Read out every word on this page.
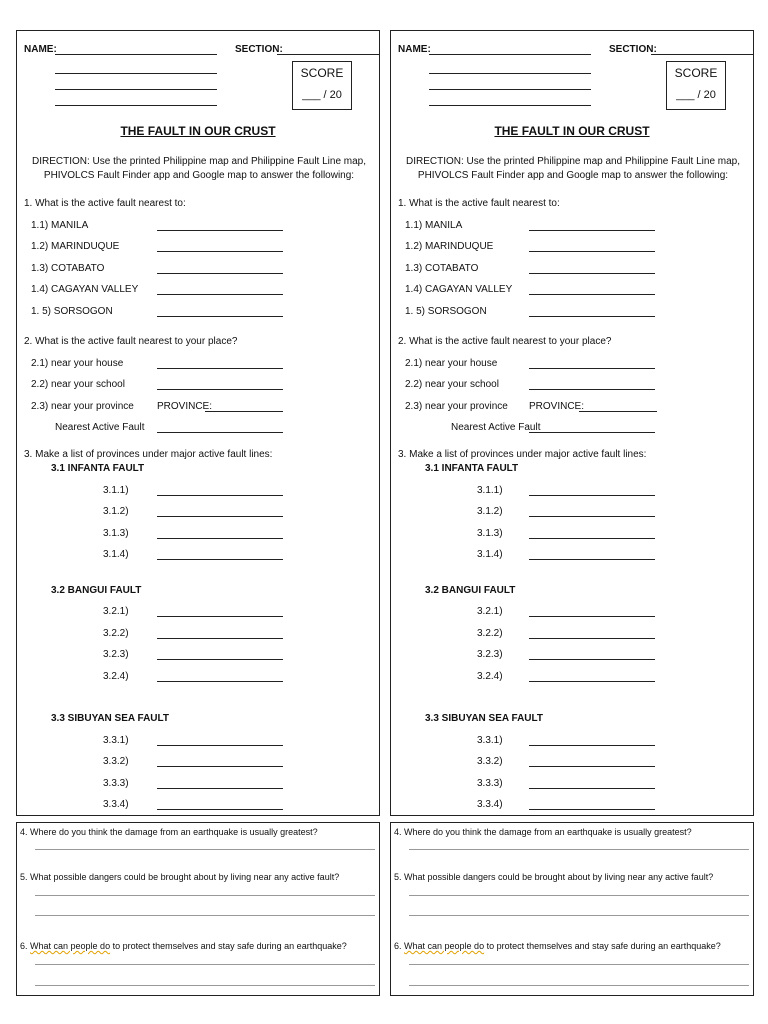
NAME:	SECTION:
SCORE
___ / 20
THE FAULT IN OUR CRUST
DIRECTION: Use the printed Philippine map and Philippine Fault Line map, PHIVOLCS Fault Finder app and Google map to answer the following:
1. What is the active fault nearest to:
1.1) MANILA
1.2) MARINDUQUE
1.3) COTABATO
1.4) CAGAYAN VALLEY
1. 5) SORSOGON
2. What is the active fault nearest to your place?
2.1) near your house
2.2) near your school
2.3) near your province PROVINCE:
Nearest Active Fault
3. Make a list of provinces under major active fault lines:
3.1 INFANTA FAULT
3.1.1)
3.1.2)
3.1.3)
3.1.4)
3.2 BANGUI FAULT
3.2.1)
3.2.2)
3.2.3)
3.2.4)
3.3 SIBUYAN SEA FAULT
3.3.1)
3.3.2)
3.3.3)
3.3.4)
NAME:	SECTION:
SCORE
___ / 20
THE FAULT IN OUR CRUST
DIRECTION: Use the printed Philippine map and Philippine Fault Line map, PHIVOLCS Fault Finder app and Google map to answer the following:
1. What is the active fault nearest to:
1.1) MANILA
1.2) MARINDUQUE
1.3) COTABATO
1.4) CAGAYAN VALLEY
1. 5) SORSOGON
2. What is the active fault nearest to your place?
2.1) near your house
2.2) near your school
2.3) near your province PROVINCE:
Nearest Active Fault
3. Make a list of provinces under major active fault lines:
3.1 INFANTA FAULT
3.1.1)
3.1.2)
3.1.3)
3.1.4)
3.2 BANGUI FAULT
3.2.1)
3.2.2)
3.2.3)
3.2.4)
3.3 SIBUYAN SEA FAULT
3.3.1)
3.3.2)
3.3.3)
3.3.4)
4. Where do you think the damage from an earthquake is usually greatest?
5. What possible dangers could be brought about by living near any active fault?
6. What can people do to protect themselves and stay safe during an earthquake?
4. Where do you think the damage from an earthquake is usually greatest?
5. What possible dangers could be brought about by living near any active fault?
6. What can people do to protect themselves and stay safe during an earthquake?
